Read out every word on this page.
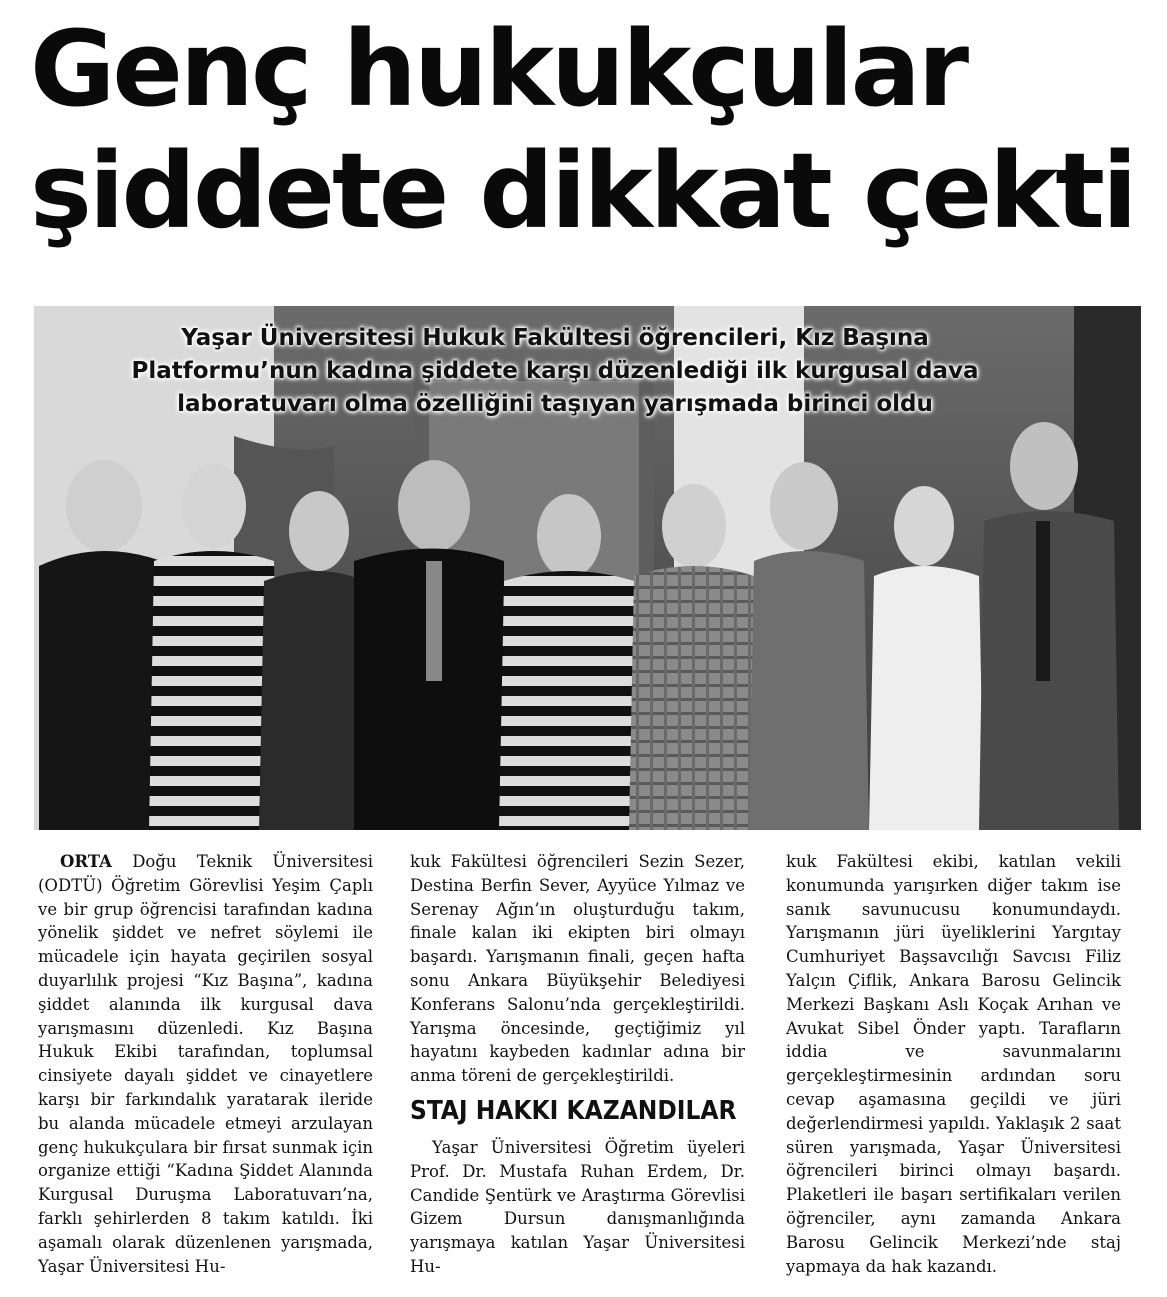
Genç hukukçular
şiddete dikkat çekti
Yaşar Üniversitesi Hukuk Fakültesi öğrencileri, Kız Başına
Platformu’nun kadına şiddete karşı düzenlediği ilk kurgusal dava
laboratuvarı olma özelliğini taşıyan yarışmada birinci oldu

ORTA Doğu Teknik Üniversitesi (ODTÜ) Öğretim Görevlisi Yeşim Çaplı ve bir grup öğrencisi tarafından kadına yönelik şiddet ve nefret söylemi ile mücadele için hayata geçirilen sosyal duyarlılık projesi “Kız Başına”, kadına şiddet alanında ilk kurgusal dava yarışmasını düzenledi. Kız Başına Hukuk Ekibi tarafından, toplumsal cinsiyete dayalı şiddet ve cinayetlere karşı bir farkındalık yaratarak ileride bu alanda mücadele etmeyi arzulayan genç hukukçulara bir fırsat sunmak için organize ettiği “Kadına Şiddet Alanında Kurgusal Duruşma Laboratuvarı’na, farklı şehirlerden 8 takım katıldı. İki aşamalı olarak düzenlenen yarışmada, Yaşar Üniversitesi Hu-

kuk Fakültesi öğrencileri Sezin Sezer, Destina Berfin Sever, Ayyüce Yılmaz ve Serenay Ağın’ın oluşturduğu takım, finale kalan iki ekipten biri olmayı başardı. Yarışmanın finali, geçen hafta sonu Ankara Büyükşehir Belediyesi Konferans Salonu’nda gerçekleştirildi. Yarışma öncesinde, geçtiğimiz yıl hayatını kaybeden kadınlar adına bir anma töreni de gerçekleştirildi.

STAJ HAKKI KAZANDILAR

Yaşar Üniversitesi Öğretim üyeleri Prof. Dr. Mustafa Ruhan Erdem, Dr. Candide Şentürk ve Araştırma Görevlisi Gizem Dursun danışmanlığında yarışmaya katılan Yaşar Üniversitesi Hu-

kuk Fakültesi ekibi, katılan vekili konumunda yarışırken diğer takım ise sanık savunucusu konumundaydı. Yarışmanın jüri üyeliklerini Yargıtay Cumhuriyet Başsavcılığı Savcısı Filiz Yalçın Çiflik, Ankara Barosu Gelincik Merkezi Başkanı Aslı Koçak Arıhan ve Avukat Sibel Önder yaptı. Tarafların iddia ve savunmalarını gerçekleştirmesinin ardından soru cevap aşamasına geçildi ve jüri değerlendirmesi yapıldı. Yaklaşık 2 saat süren yarışmada, Yaşar Üniversitesi öğrencileri birinci olmayı başardı. Plaketleri ile başarı sertifikaları verilen öğrenciler, aynı zamanda Ankara Barosu Gelincik Merkezi’nde staj yapmaya da hak kazandı.
